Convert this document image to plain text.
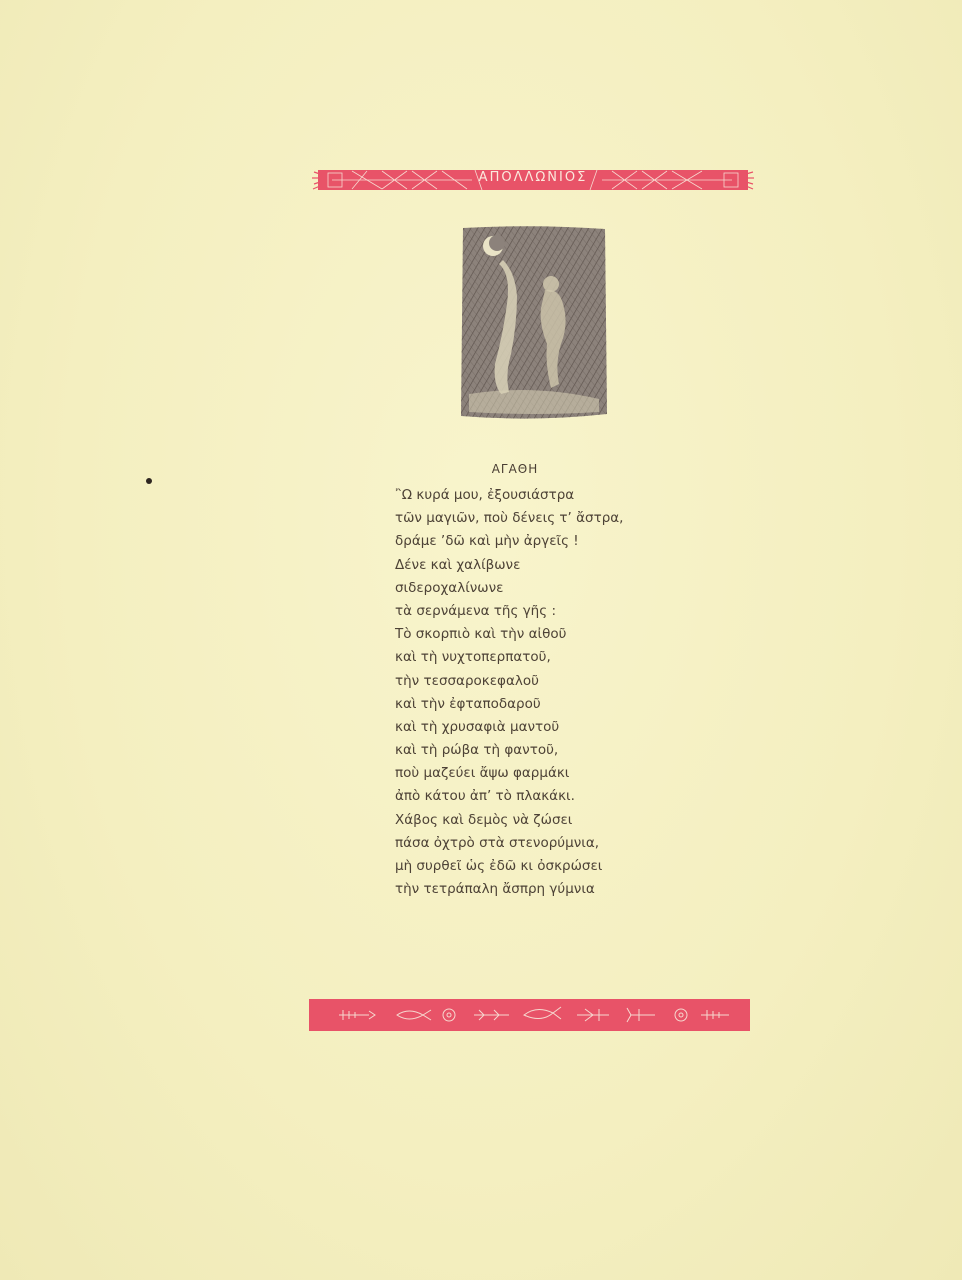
ΑΠΟΛΛΩΝΙΟΣ
ΑΓΑΘΗ
῍Ω κυρά μου, ἐξουσιάστρα
τῶν μαγιῶν, ποὺ δένεις τ’ ἄστρα,
δράμε ’δῶ καὶ μὴν ἀργεῖς !
Δένε καὶ χαλίβωνε
σιδεροχαλίνωνε
τὰ σερνάμενα τῆς γῆς :
Τὸ σκορπιὸ καὶ τὴν αἰθοῦ
καὶ τὴ νυχτοπερπατοῦ,
τὴν τεσσαροκεφαλοῦ
καὶ τὴν ἐφταποδαροῦ
καὶ τὴ χρυσαφιὰ μαντοῦ
καὶ τὴ ρώβα τὴ φαντοῦ,
ποὺ μαζεύει ἄψω φαρμάκι
ἀπὸ κάτου ἀπ’ τὸ πλακάκι.
Χάβος καὶ δεμὸς νὰ ζώσει
πάσα ὀχτρὸ στὰ στενορύμνια,
μὴ συρθεῖ ὡς ἐδῶ κι ὀσκρώσει
τὴν τετράπαλη ἄσπρη γύμνια
